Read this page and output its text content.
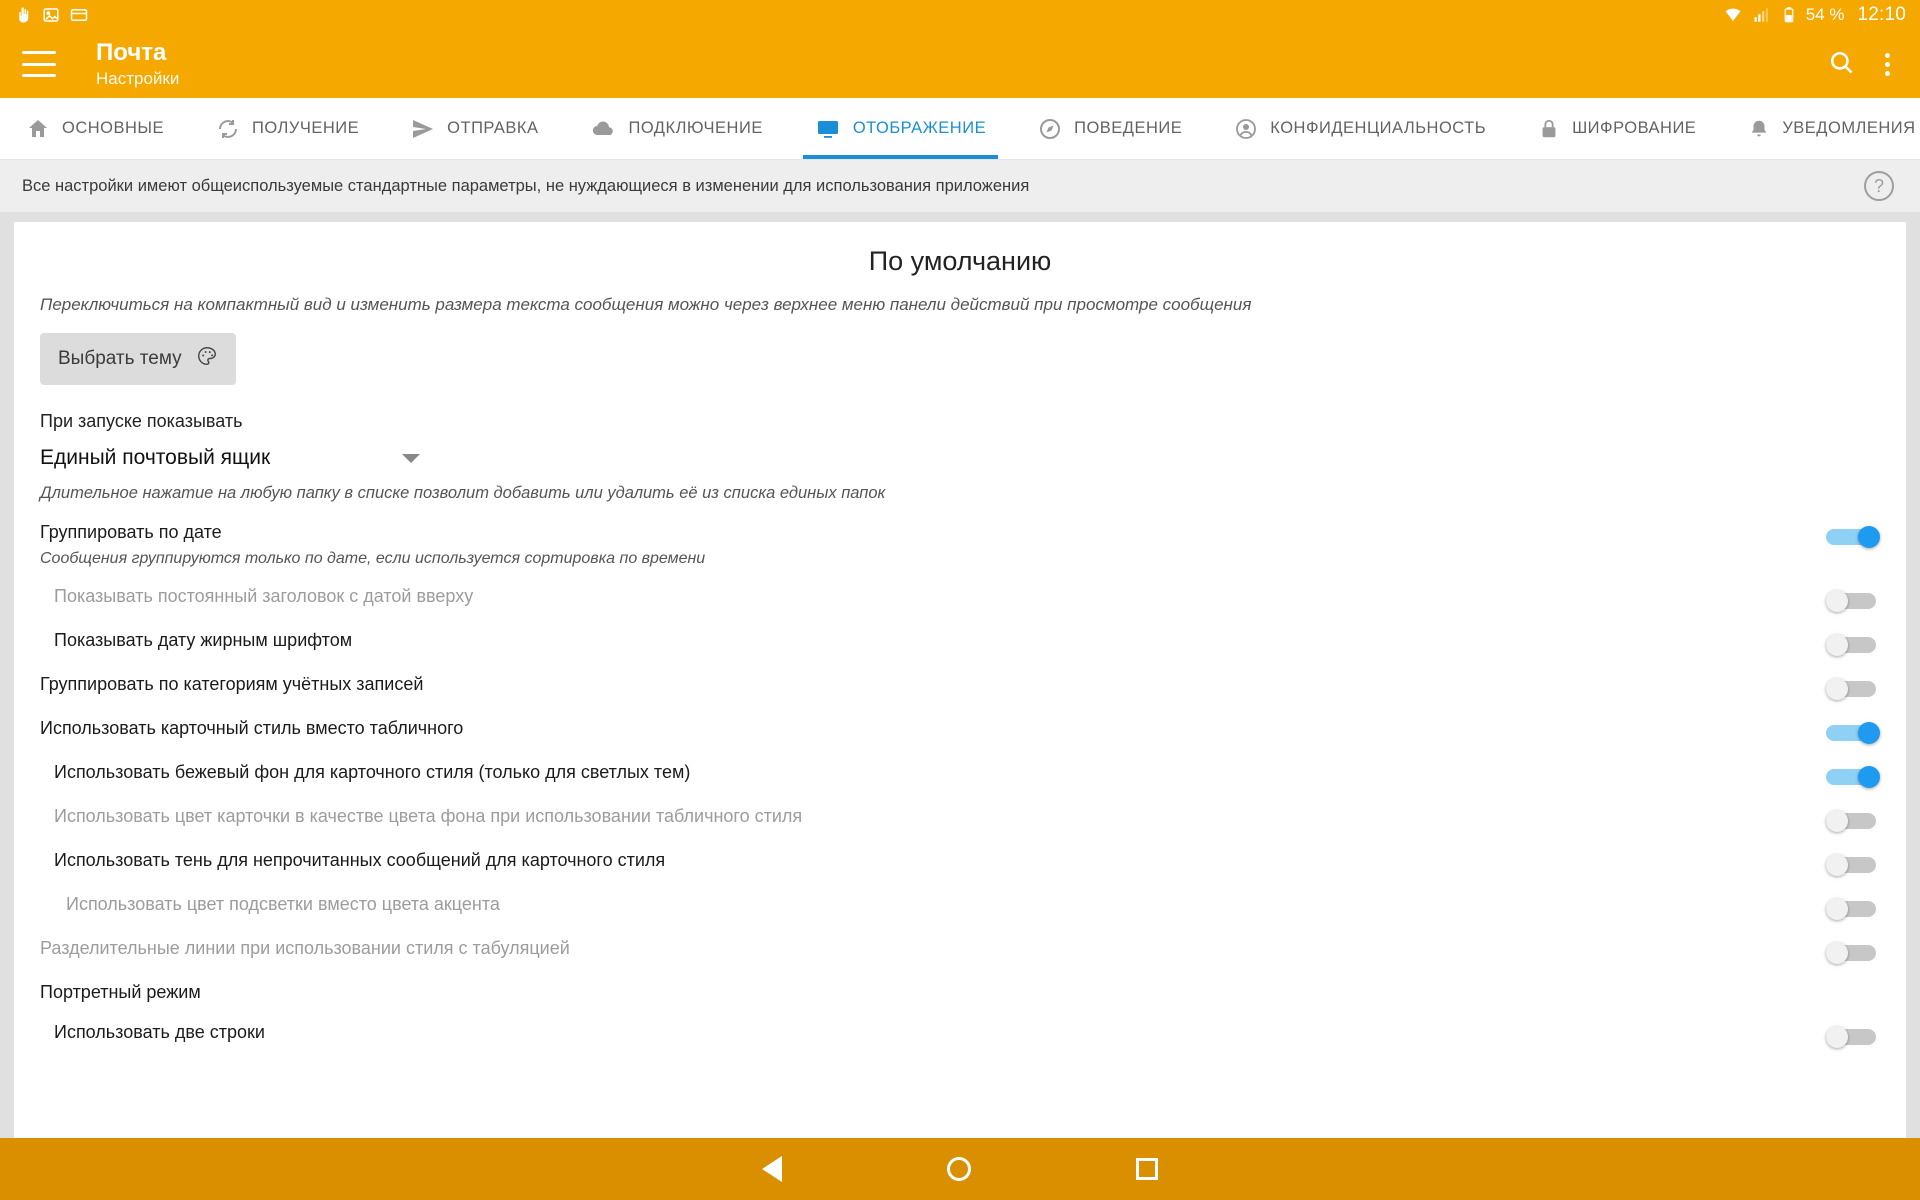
54 % 12:10
Почта
Настройки
ОСНОВНЫЕ	ПОЛУЧЕНИЕ	ОТПРАВКА	ПОДКЛЮЧЕНИЕ	ОТОБРАЖЕНИЕ	ПОВЕДЕНИЕ	КОНФИДЕНЦИАЛЬНОСТЬ	ШИФРОВАНИЕ	УВЕДОМЛЕНИЯ
Все настройки имеют общеиспользуемые стандартные параметры, не нуждающиеся в изменении для использования приложения	?
По умолчанию
Переключиться на компактный вид и изменить размера текста сообщения можно через верхнее меню панели действий при просмотре сообщения
Выбрать тему
При запуске показывать
Единый почтовый ящик
Длительное нажатие на любую папку в списке позволит добавить или удалить её из списка единых папок
Группировать по дате
Сообщения группируются только по дате, если используется сортировка по времени
Показывать постоянный заголовок с датой вверху
Показывать дату жирным шрифтом
Группировать по категориям учётных записей
Использовать карточный стиль вместо табличного
Использовать бежевый фон для карточного стиля (только для светлых тем)
Использовать цвет карточки в качестве цвета фона при использовании табличного стиля
Использовать тень для непрочитанных сообщений для карточного стиля
Использовать цвет подсветки вместо цвета акцента
Разделительные линии при использовании стиля с табуляцией
Портретный режим
Использовать две строки
